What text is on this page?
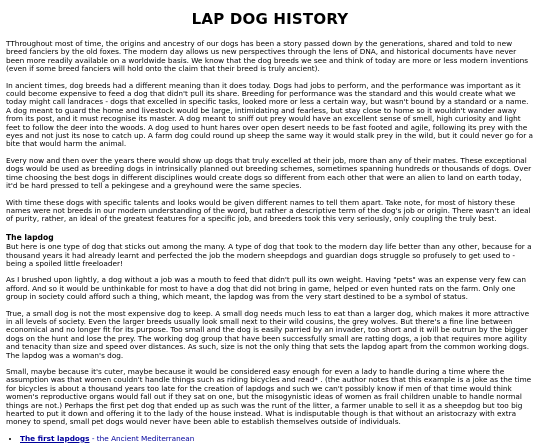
LAP DOG HISTORY

TThroughout most of time, the origins and ancestry of our dogs has been a story passed down by the generations, shared and told to new breed fanciers by the old foxes. The modern day allows us new perspectives through the lens of DNA, and historical documents have never been more readily available on a worldwide basis. We know that the dog breeds we see and think of today are more or less modern inventions (even if some breed fanciers will hold onto the claim that their breed is truly ancient).

In ancient times, dog breeds had a different meaning than it does today. Dogs had jobs to perform, and the performance was important as it could become expensive to feed a dog that didn't pull its share. Breeding for performance was the standard and this would create what we today might call landraces - dogs that excelled in specific tasks, looked more or less a certain way, but wasn't bound by a standard or a name. A dog meant to guard the home and livestock would be large, intimidating and fearless, but stay close to home so it wouldn't wander away from its post, and it must recognise its master. A dog meant to sniff out prey would have an excellent sense of smell, high curiosity and light feet to follow the deer into the woods. A dog used to hunt hares over open desert needs to be fast footed and agile, following its prey with the eyes and not just its nose to catch up. A farm dog could round up sheep the same way it would stalk prey in the wild, but it could never go for a bite that would harm the animal.

Every now and then over the years there would show up dogs that truly excelled at their job, more than any of their mates. These exceptional dogs would be used as breeding dogs in intrinsically planned out breeding schemes, sometimes spanning hundreds or thousands of dogs. Over time choosing the best dogs in different disciplines would create dogs so different from each other that were an alien to land on earth today, it'd be hard pressed to tell a pekingese and a greyhound were the same species.

With time these dogs with specific talents and looks would be given different names to tell them apart. Take note, for most of history these names were not breeds in our modern understanding of the word, but rather a descriptive term of the dog's job or origin. There wasn't an ideal of purity, rather, an ideal of the greatest features for a specific job, and breeders took this very seriously, only coupling the truly best.

The lapdog

But here is one type of dog that sticks out among the many. A type of dog that took to the modern day life better than any other, because for a thousand years it had already learnt and perfected the job the modern sheepdogs and guardian dogs struggle so profusely to get used to - being a spoiled little freeloader!

As I brushed upon lightly, a dog without a job was a mouth to feed that didn't pull its own weight. Having "pets" was an expense very few can afford. And so it would be unthinkable for most to have a dog that did not bring in game, helped or even hunted rats on the farm. Only one group in society could afford such a thing, which meant, the lapdog was from the very start destined to be a symbol of status.

True, a small dog is not the most expensive dog to keep. A small dog needs much less to eat than a larger dog, which makes it more attractive in all levels of society. Even the larger breeds usually look small next to their wild cousins, the grey wolves. But there's a fine line between economical and no longer fit for its purpose. Too small and the dog is easily parried by an invader, too short and it will be outrun by the bigger dogs on the hunt and lose the prey. The working dog group that have been successfully small are ratting dogs, a job that requires more agility and tenacity than size and speed over distances. As such, size is not the only thing that sets the lapdog apart from the common working dogs. The lapdog was a woman's dog.

Small, maybe because it's cuter, maybe because it would be considered easy enough for even a lady to handle during a time where the assumption was that women couldn't handle things such as riding bicycles and read* . (the author notes that this example is a joke as the time for bicycles is about a thousand years too late for the creation of lapdogs and such we can't possibly know if men of that time would think women's reproductive organs would fall out if they sat on one, but the misogynistic ideas of women as frail children unable to handle normal things are not.) Perhaps the first pet dog that ended up as such was the runt of the litter, a farmer unable to sell it as a sheepdog but too big hearted to put it down and offering it to the lady of the house instead. What is indisputable though is that without an aristocrazy with extra money to spend, small pet dogs would never have been able to establish themselves outside of individuals.

• The first lapdogs - the Ancient Mediterranean
